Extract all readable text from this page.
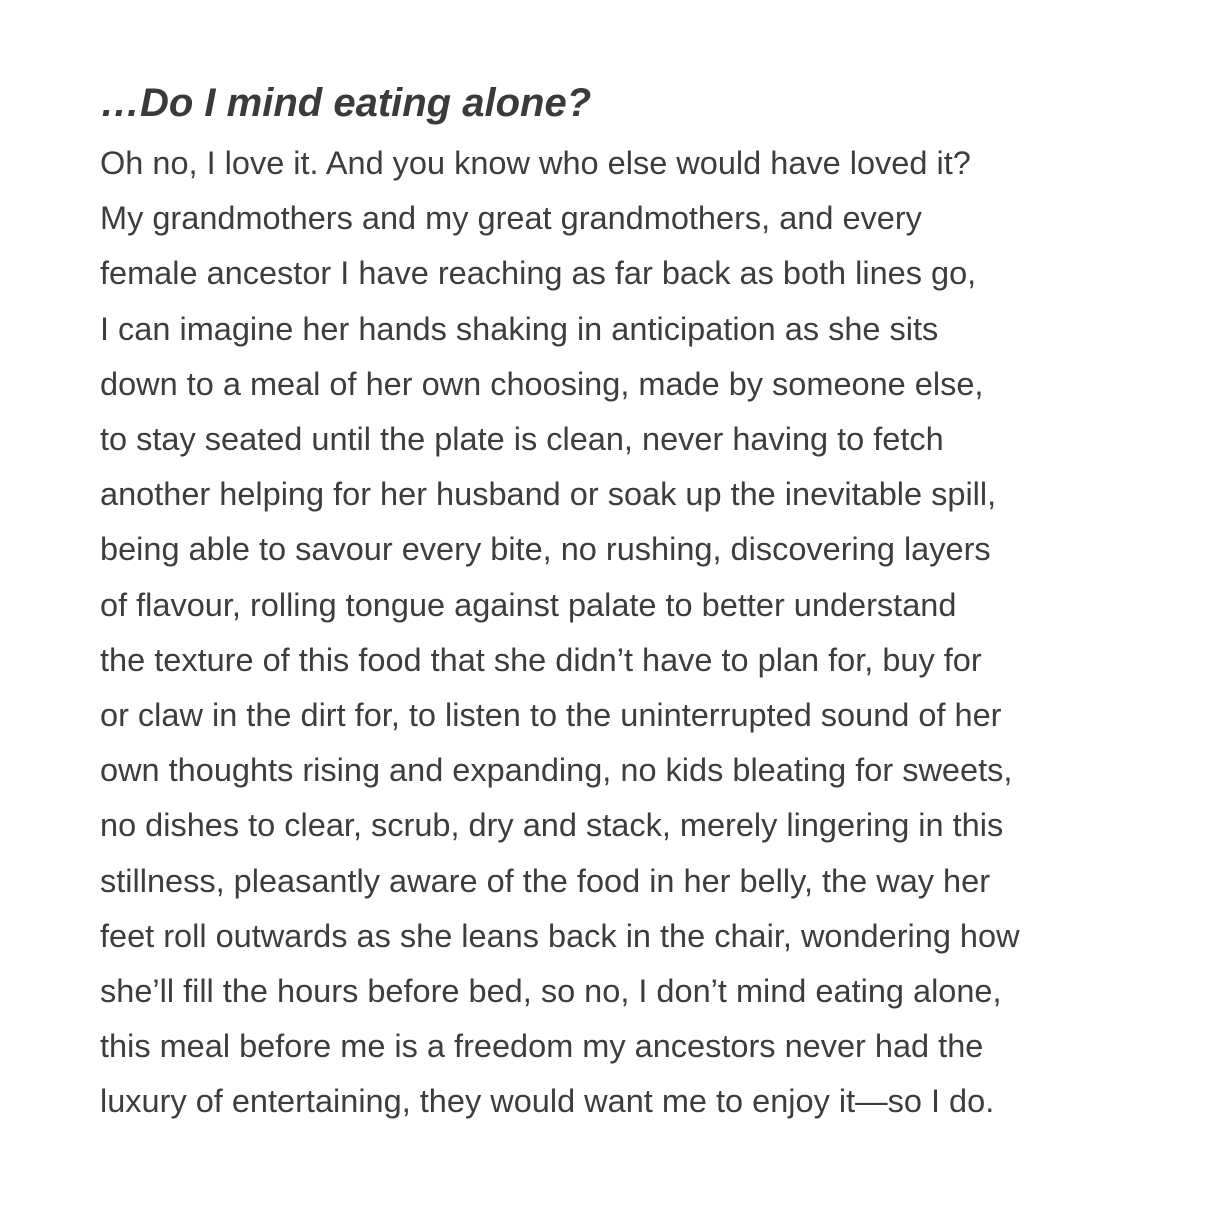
…Do I mind eating alone?
Oh no, I love it. And you know who else would have loved it?
My grandmothers and my great grandmothers, and every
female ancestor I have reaching as far back as both lines go,
I can imagine her hands shaking in anticipation as she sits
down to a meal of her own choosing, made by someone else,
to stay seated until the plate is clean, never having to fetch
another helping for her husband or soak up the inevitable spill,
being able to savour every bite, no rushing, discovering layers
of flavour, rolling tongue against palate to better understand
the texture of this food that she didn’t have to plan for, buy for
or claw in the dirt for, to listen to the uninterrupted sound of her
own thoughts rising and expanding, no kids bleating for sweets,
no dishes to clear, scrub, dry and stack, merely lingering in this
stillness, pleasantly aware of the food in her belly, the way her
feet roll outwards as she leans back in the chair, wondering how
she’ll fill the hours before bed, so no, I don’t mind eating alone,
this meal before me is a freedom my ancestors never had the
luxury of entertaining, they would want me to enjoy it—so I do.
